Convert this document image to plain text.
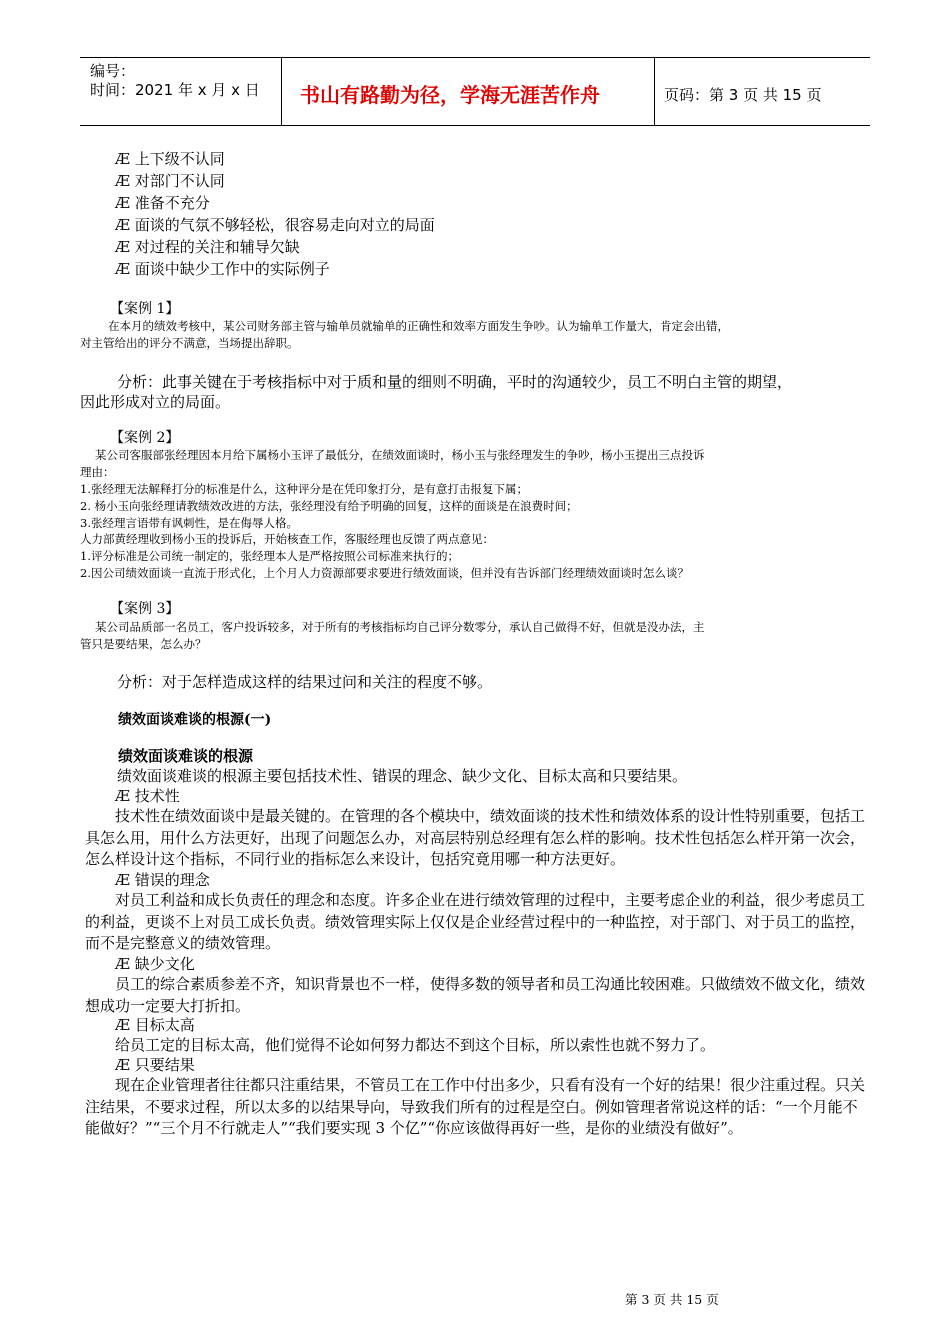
编号：
时间：2021 年 x 月 x 日 书山有路勤为径，学海无涯苦作舟	页码：第 3 页 共 15 页
Æ 上下级不认同
Æ 对部门不认同
Æ 准备不充分
Æ 面谈的气氛不够轻松，很容易走向对立的局面
Æ 对过程的关注和辅导欠缺
Æ 面谈中缺少工作中的实际例子
【案例 1】
在本月的绩效考核中，某公司财务部主管与输单员就输单的正确性和效率方面发生争吵。认为输单工作量大，肯定会出错，
对主管给出的评分不满意，当场提出辞职。
分析：此事关键在于考核指标中对于质和量的细则不明确，平时的沟通较少，员工不明白主管的期望，
因此形成对立的局面。
【案例 2】
某公司客服部张经理因本月给下属杨小玉评了最低分，在绩效面谈时，杨小玉与张经理发生的争吵，杨小玉提出三点投诉
理由：
1.张经理无法解释打分的标准是什么，这种评分是在凭印象打分，是有意打击报复下属；
2. 杨小玉向张经理请教绩效改进的方法，张经理没有给予明确的回复，这样的面谈是在浪费时间；
3.张经理言语带有讽刺性，是在侮辱人格。
人力部黄经理收到杨小玉的投诉后，开始核查工作，客服经理也反馈了两点意见：
1.评分标准是公司统一制定的，张经理本人是严格按照公司标准来执行的；
2.因公司绩效面谈一直流于形式化，上个月人力资源部要求要进行绩效面谈，但并没有告诉部门经理绩效面谈时怎么谈？
【案例 3】
某公司品质部一名员工，客户投诉较多，对于所有的考核指标均自己评分数零分，承认自己做得不好，但就是没办法，主
管只是要结果，怎么办？
分析：对于怎样造成这样的结果过问和关注的程度不够。
绩效面谈难谈的根源(一)
绩效面谈难谈的根源
绩效面谈难谈的根源主要包括技术性、错误的理念、缺少文化、目标太高和只要结果。
Æ 技术性
技术性在绩效面谈中是最关键的。在管理的各个模块中，绩效面谈的技术性和绩效体系的设计性特别重要，包括工具怎么用，用什么方法更好，出现了问题怎么办，对高层特别总经理有怎么样的影响。技术性包括怎么样开第一次会，怎么样设计这个指标，不同行业的指标怎么来设计，包括究竟用哪一种方法更好。
Æ 错误的理念
对员工利益和成长负责任的理念和态度。许多企业在进行绩效管理的过程中，主要考虑企业的利益，很少考虑员工的利益，更谈不上对员工成长负责。绩效管理实际上仅仅是企业经营过程中的一种监控，对于部门、对于员工的监控，而不是完整意义的绩效管理。
Æ 缺少文化
员工的综合素质参差不齐，知识背景也不一样，使得多数的领导者和员工沟通比较困难。只做绩效不做文化，绩效想成功一定要大打折扣。
Æ 目标太高
给员工定的目标太高，他们觉得不论如何努力都达不到这个目标，所以索性也就不努力了。
Æ 只要结果
现在企业管理者往往都只注重结果，不管员工在工作中付出多少，只看有没有一个好的结果！很少注重过程。只关注结果，不要求过程，所以太多的以结果导向，导致我们所有的过程是空白。例如管理者常说这样的话：“一个月能不能做好？”“三个月不行就走人”“我们要实现 3 个亿”“你应该做得再好一些，是你的业绩没有做好”。
第 3 页 共 15 页
